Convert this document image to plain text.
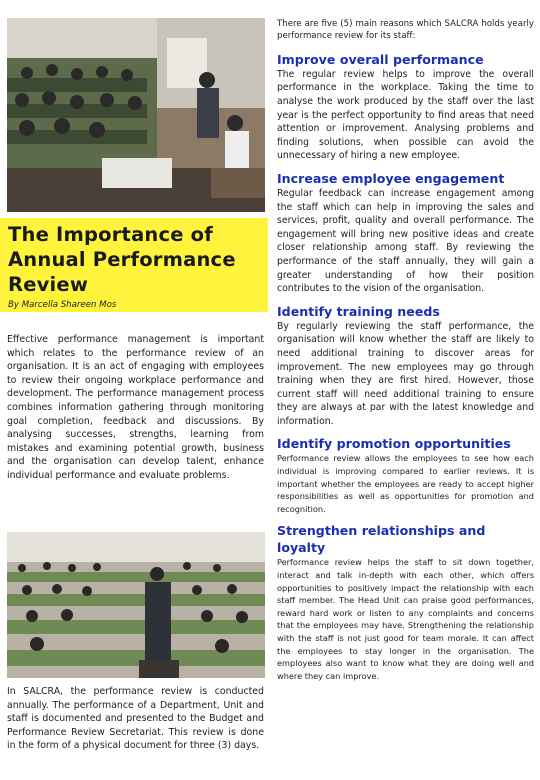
The Importance of
Annual Performance
Review
By Marcella Shareen Mos

Effective performance management is important which relates to the performance review of an organisation. It is an act of engaging with employees to review their ongoing workplace performance and development. The performance management process combines information gathering through monitoring goal completion, feedback and discussions. By analysing successes, strengths, learning from mistakes and examining potential growth, business and the organisation can develop talent, enhance individual performance and evaluate problems.

In SALCRA, the performance review is conducted annually. The performance of a Department, Unit and staff is documented and presented to the Budget and Performance Review Secretariat. This review is done in the form of a physical document for three (3) days.

There are five (5) main reasons which SALCRA holds yearly performance review for its staff:

Improve overall performance

The regular review helps to improve the overall performance in the workplace. Taking the time to analyse the work produced by the staff over the last year is the perfect opportunity to find areas that need attention or improvement. Analysing problems and finding solutions, when possible can avoid the unnecessary of hiring a new employee.

Increase employee engagement

Regular feedback can increase engagement among the staff which can help in improving the sales and services, profit, quality and overall performance. The engagement will bring new positive ideas and create closer relationship among staff. By reviewing the performance of the staff annually, they will gain a greater understanding of how their position contributes to the vision of the organisation.

Identify training needs

By regularly reviewing the staff performance, the organisation will know whether the staff are likely to need additional training to discover areas for improvement. The new employees may go through training when they are first hired. However, those current staff will need additional training to ensure they are always at par with the latest knowledge and information.

Identify promotion opportunities

Performance review allows the employees to see how each individual is improving compared to earlier reviews. It is important whether the employees are ready to accept higher responsibilities as well as opportunities for promotion and recognition.

Strengthen relationships and loyalty

Performance review helps the staff to sit down together, interact and talk in-depth with each other, which offers opportunities to positively impact the relationship with each staff member. The Head Unit can praise good performances, reward hard work or listen to any complaints and concerns that the employees may have. Strengthening the relationship with the staff is not just good for team morale. It can affect the employees to stay longer in the organisation. The employees also want to know what they are doing well and where they can improve.
